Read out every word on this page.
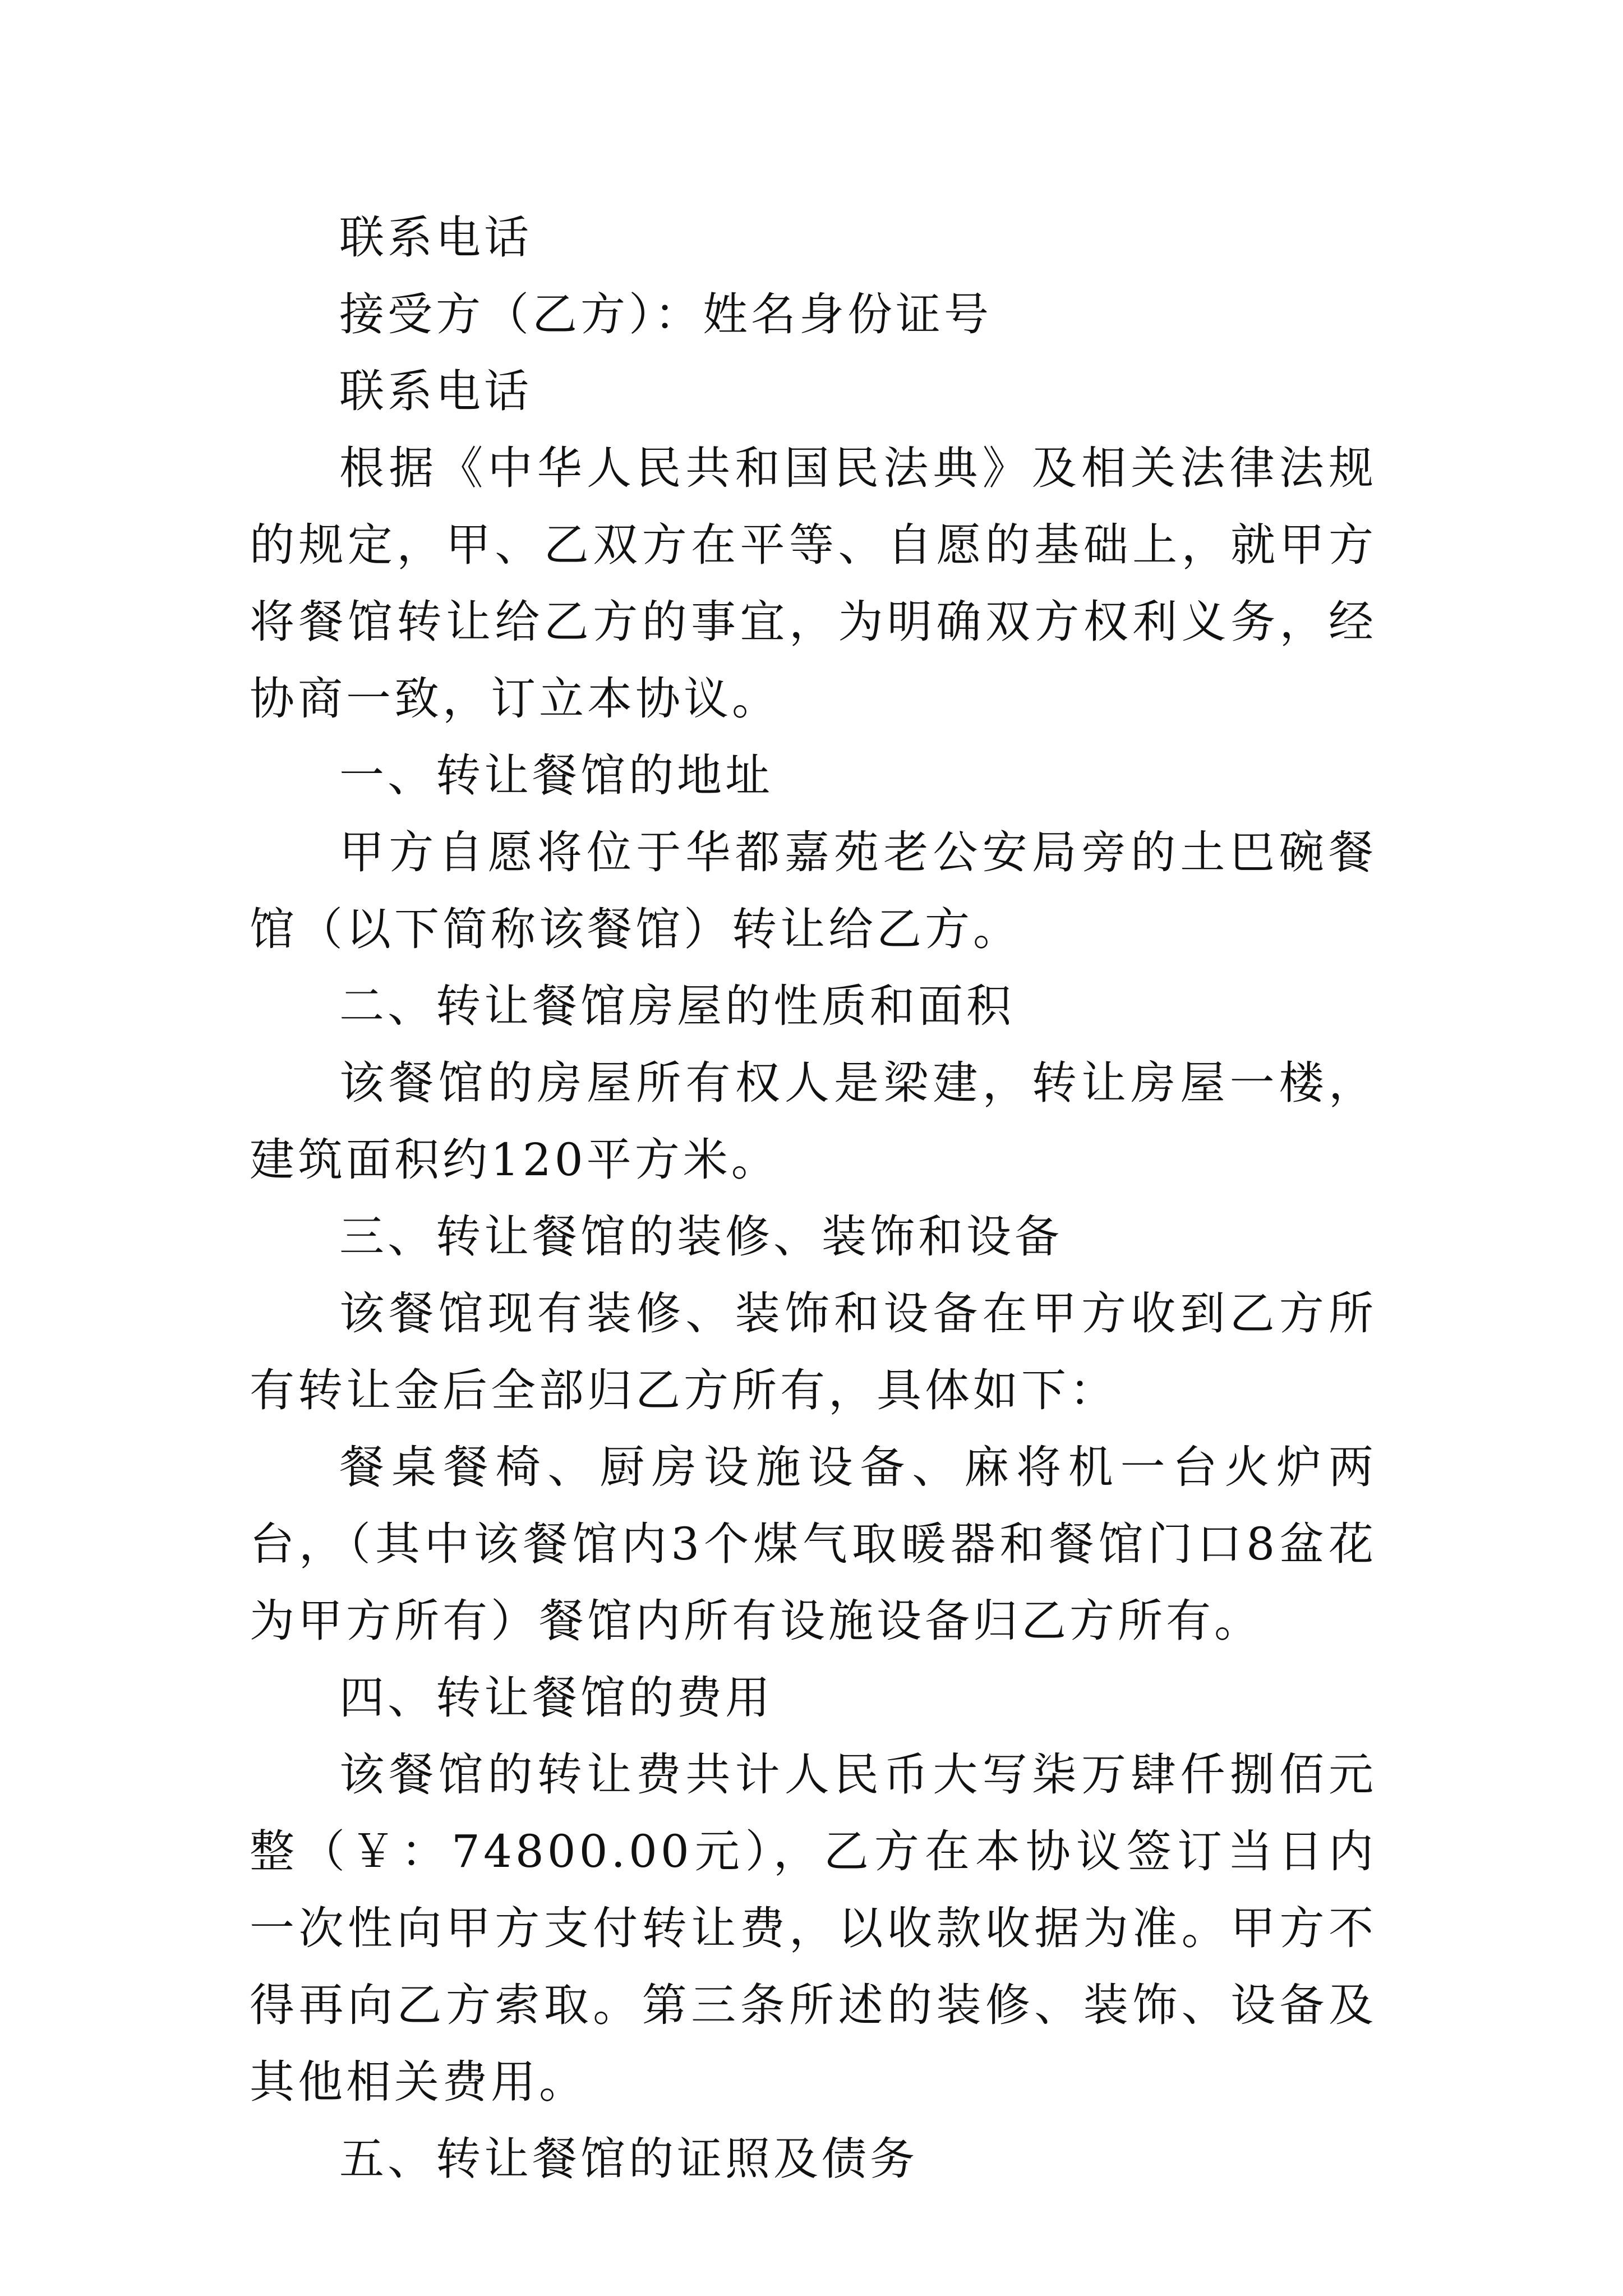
联系电话

接受方（乙方）：姓名身份证号

联系电话

根据《中华人民共和国民法典》及相关法律法规的规定，甲、乙双方在平等、自愿的基础上，就甲方将餐馆转让给乙方的事宜，为明确双方权利义务，经协商一致，订立本协议。

一、转让餐馆的地址

甲方自愿将位于华都嘉苑老公安局旁的土巴碗餐馆（以下简称该餐馆）转让给乙方。

二、转让餐馆房屋的性质和面积

该餐馆的房屋所有权人是梁建，转让房屋一楼，建筑面积约120平方米。

三、转让餐馆的装修、装饰和设备

该餐馆现有装修、装饰和设备在甲方收到乙方所有转让金后全部归乙方所有，具体如下：

餐桌餐椅、厨房设施设备、麻将机一台火炉两台，（其中该餐馆内3个煤气取暖器和餐馆门口8盆花为甲方所有）餐馆内所有设施设备归乙方所有。

四、转让餐馆的费用

该餐馆的转让费共计人民币大写柒万肆仟捌佰元整（￥：74800.00元），乙方在本协议签订当日内一次性向甲方支付转让费，以收款收据为准。甲方不得再向乙方索取。第三条所述的装修、装饰、设备及其他相关费用。

五、转让餐馆的证照及债务
